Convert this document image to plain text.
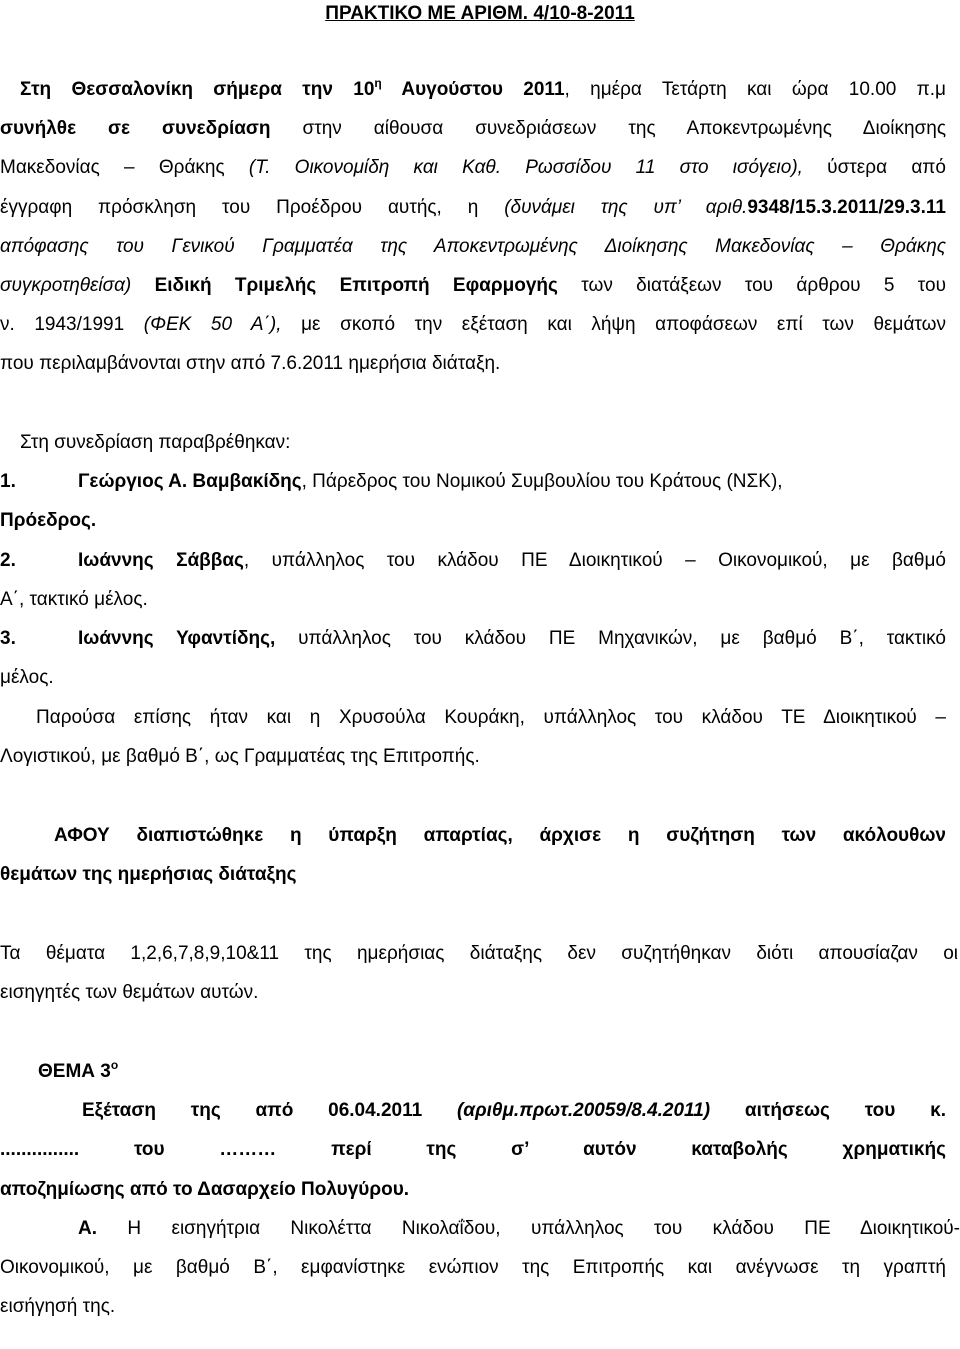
ΠΡΑΚΤΙΚΟ ΜΕ ΑΡΙΘΜ. 4/10-8-2011
Στη Θεσσαλονίκη σήμερα την $10^\eta$ Αυγούστου 2011, ημέρα Τετάρτη και ώρα 10.00 π.μ
συνήλθε σε συνεδρίαση στην αίθουσα συνεδριάσεων της Αποκεντρωμένης Διοίκησης
Μακεδονίας – Θράκης (Τ. Οικονομίδη και Καθ. Ρωσσίδου 11 στο ισόγειο), ύστερα από
έγγραφη πρόσκληση του Προέδρου αυτής, η (δυνάμει της υπ’ αριθ.9348/15.3.2011/29.3.11
απόφασης του Γενικού Γραμματέα της Αποκεντρωμένης Διοίκησης Μακεδονίας – Θράκης
συγκροτηθείσα) Ειδική Τριμελής Επιτροπή Εφαρμογής των διατάξεων του άρθρου 5 του
ν. 1943/1991 (ΦΕΚ 50 Α΄), με σκοπό την εξέταση και λήψη αποφάσεων επί των θεμάτων
που περιλαμβάνονται στην από 7.6.2011 ημερήσια διάταξη.
Στη συνεδρίαση παραβρέθηκαν:
1.	Γεώργιος Α. Βαμβακίδης, Πάρεδρος του Νομικού Συμβουλίου του Κράτους (ΝΣΚ),
Πρόεδρος.
2.	Ιωάννης Σάββας, υπάλληλος του κλάδου ΠΕ Διοικητικού – Οικονομικού, με βαθμό
Α΄, τακτικό μέλος.
3.	Ιωάννης Υφαντίδης, υπάλληλος του κλάδου ΠΕ Μηχανικών, με βαθμό Β΄, τακτικό
μέλος.
Παρούσα επίσης ήταν και η Χρυσούλα Κουράκη, υπάλληλος του κλάδου ΤΕ Διοικητικού –
Λογιστικού, με βαθμό Β΄, ως Γραμματέας της Επιτροπής.
ΑΦΟΥ διαπιστώθηκε η ύπαρξη απαρτίας, άρχισε η συζήτηση των ακόλουθων
θεμάτων της ημερήσιας διάταξης
Τα θέματα 1,2,6,7,8,9,10&11 της ημερήσιας διάταξης δεν συζητήθηκαν διότι απουσίαζαν οι
εισηγητές των θεμάτων αυτών.
ΘΕΜΑ $3^o$
Εξέταση της από 06.04.2011 (αριθμ.πρωτ.20059/8.4.2011) αιτήσεως του κ.
............... του ……… περί της σ’ αυτόν καταβολής χρηματικής
αποζημίωσης από το Δασαρχείο Πολυγύρου.
Α. Η εισηγήτρια Νικολέττα Νικολαΐδου, υπάλληλος του κλάδου ΠΕ Διοικητικού-
Οικονομικού, με βαθμό Β΄, εμφανίστηκε ενώπιον της Επιτροπής και ανέγνωσε τη γραπτή
εισήγησή της.
